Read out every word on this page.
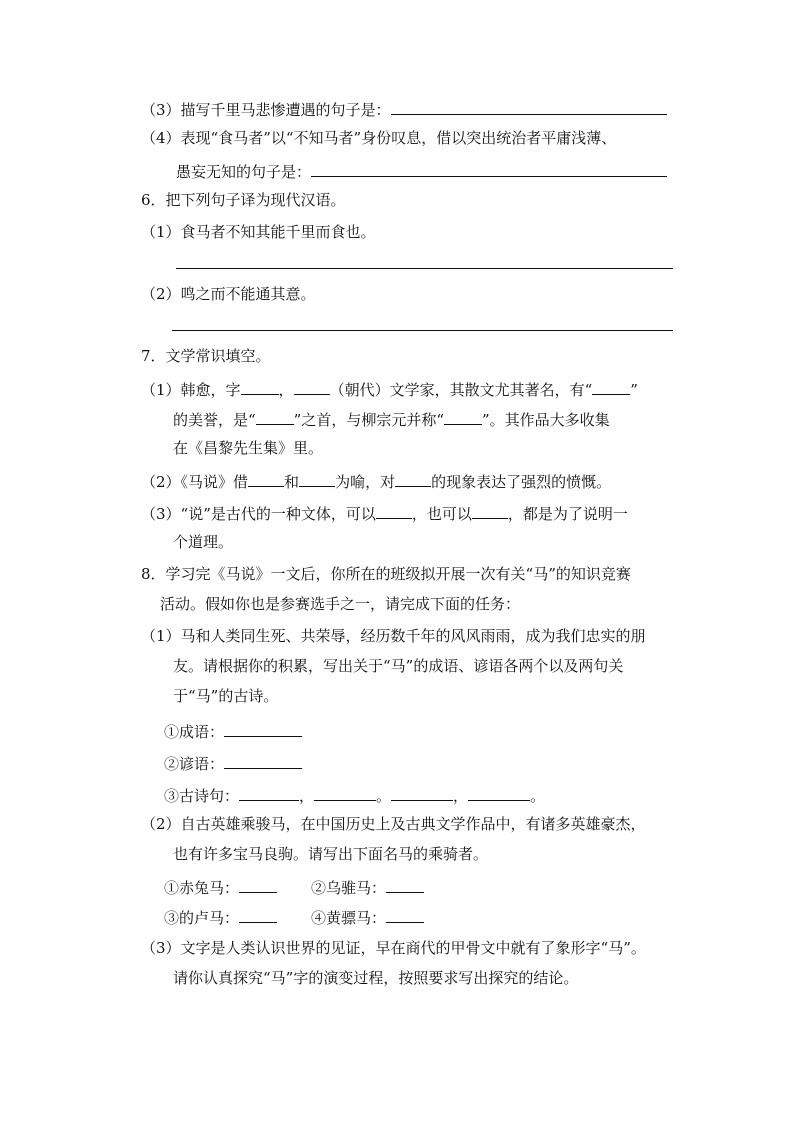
（3）描写千里马悲惨遭遇的句子是：
（4）表现“食马者”以“不知马者”身份叹息，借以突出统治者平庸浅薄、
愚妄无知的句子是：
6．把下列句子译为现代汉语。
（1）食马者不知其能千里而食也。
（2）鸣之而不能通其意。
7．文学常识填空。
（1）韩愈，字	， （朝代）文学家，其散文尤其著名，有“	”
的美誉，是“	”之首，与柳宗元并称“	”。其作品大多收集
在《昌黎先生集》里。
（2）《马说》借 和 为喻，对 的现象表达了强烈的愤慨。
（3）“说”是古代的一种文体，可以 ，也可以 ，都是为了说明一
个道理。
8．学习完《马说》一文后，你所在的班级拟开展一次有关“马”的知识竞赛
活动。假如你也是参赛选手之一，请完成下面的任务：
（1）马和人类同生死、共荣辱，经历数千年的风风雨雨，成为我们忠实的朋
友。请根据你的积累，写出关于“马”的成语、谚语各两个以及两句关
于“马”的古诗。
①成语：
②谚语：
③古诗句：	，	。	，	。
（2）自古英雄乘骏马，在中国历史上及古典文学作品中，有诸多英雄豪杰，
也有许多宝马良驹。请写出下面名马的乘骑者。
①赤兔马：	②乌骓马：
③的卢马：	④黄骠马：
（3）文字是人类认识世界的见证，早在商代的甲骨文中就有了象形字“马”。
请你认真探究“马”字的演变过程，按照要求写出探究的结论。
